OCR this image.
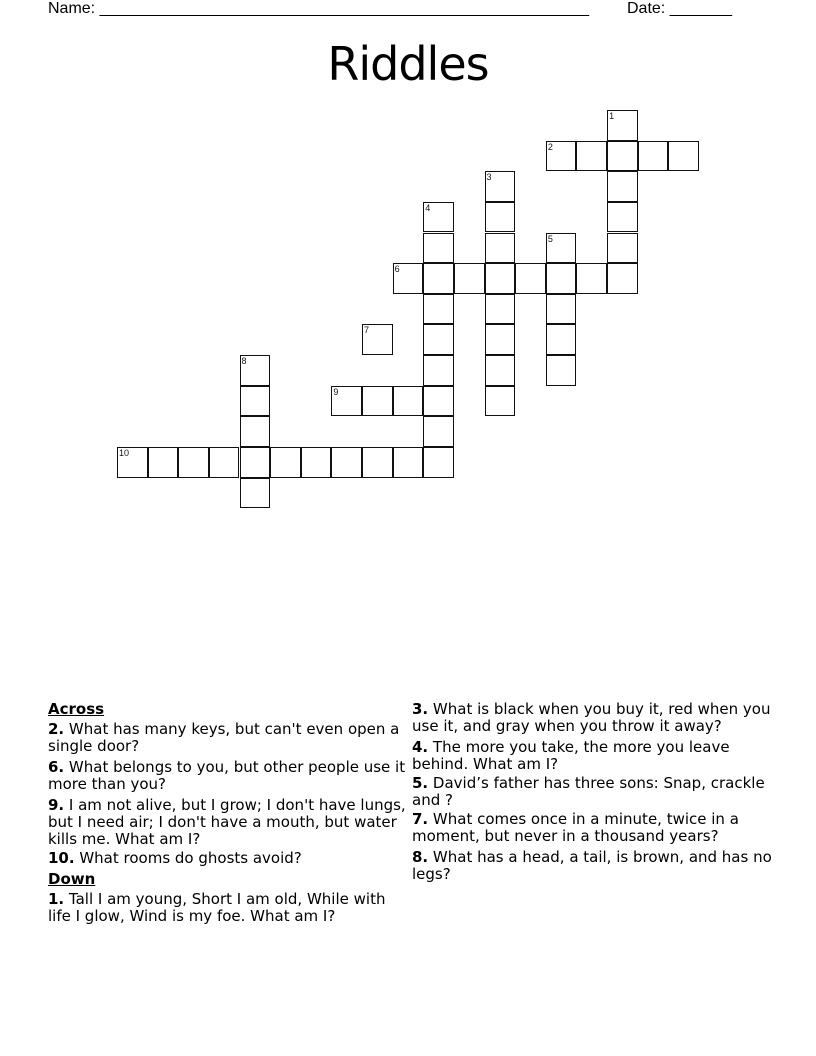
Name: _______________________________________________________ Date: _______
Riddles
1
2
3
4
5
6
7
8
9
10
Across
2. What has many keys, but can't even open a single door?
6. What belongs to you, but other people use it more than you?
9. I am not alive, but I grow; I don't have lungs, but I need air; I don't have a mouth, but water kills me. What am I?
10. What rooms do ghosts avoid?
Down
1. Tall I am young, Short I am old, While with life I glow, Wind is my foe. What am I?
3. What is black when you buy it, red when you use it, and gray when you throw it away?
4. The more you take, the more you leave behind. What am I?
5. David’s father has three sons: Snap, crackle and ?
7. What comes once in a minute, twice in a moment, but never in a thousand years?
8. What has a head, a tail, is brown, and has no legs?
